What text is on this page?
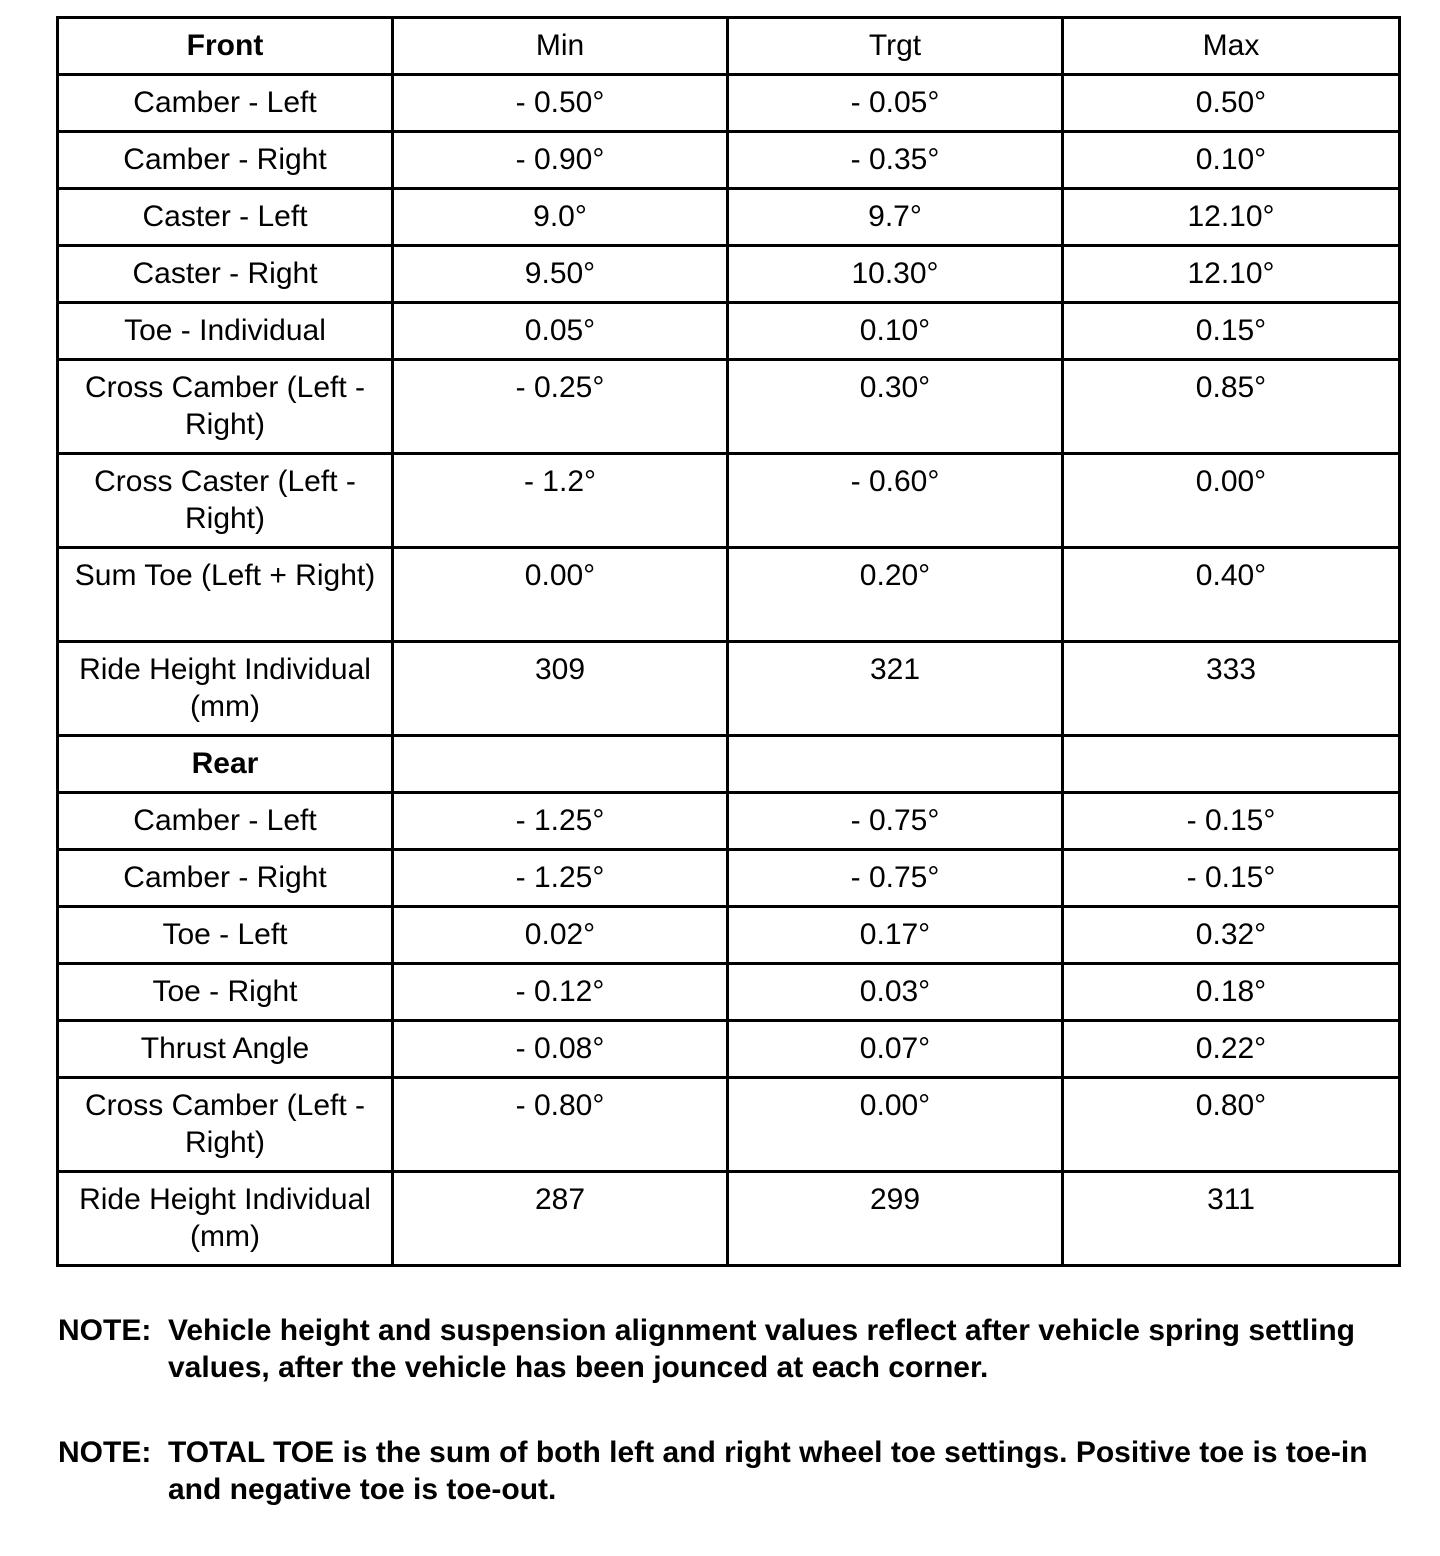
Front	Min	Trgt	Max
Camber - Left	- 0.50°	- 0.05°	0.50°
Camber - Right	- 0.90°	- 0.35°	0.10°
Caster - Left	9.0°	9.7°	12.10°
Caster - Right	9.50°	10.30°	12.10°
Toe - Individual	0.05°	0.10°	0.15°
Cross Camber (Left - Right)	- 0.25°	0.30°	0.85°
Cross Caster (Left - Right)	- 1.2°	- 0.60°	0.00°
Sum Toe (Left + Right)	0.00°	0.20°	0.40°
Ride Height Individual (mm)	309	321	333
Rear			
Camber - Left	- 1.25°	- 0.75°	- 0.15°
Camber - Right	- 1.25°	- 0.75°	- 0.15°
Toe - Left	0.02°	0.17°	0.32°
Toe - Right	- 0.12°	0.03°	0.18°
Thrust Angle	- 0.08°	0.07°	0.22°
Cross Camber (Left - Right)	- 0.80°	0.00°	0.80°
Ride Height Individual (mm)	287	299	311
NOTE: Vehicle height and suspension alignment values reflect after vehicle spring settling values, after the vehicle has been jounced at each corner.
NOTE: TOTAL TOE is the sum of both left and right wheel toe settings. Positive toe is toe-in and negative toe is toe-out.
